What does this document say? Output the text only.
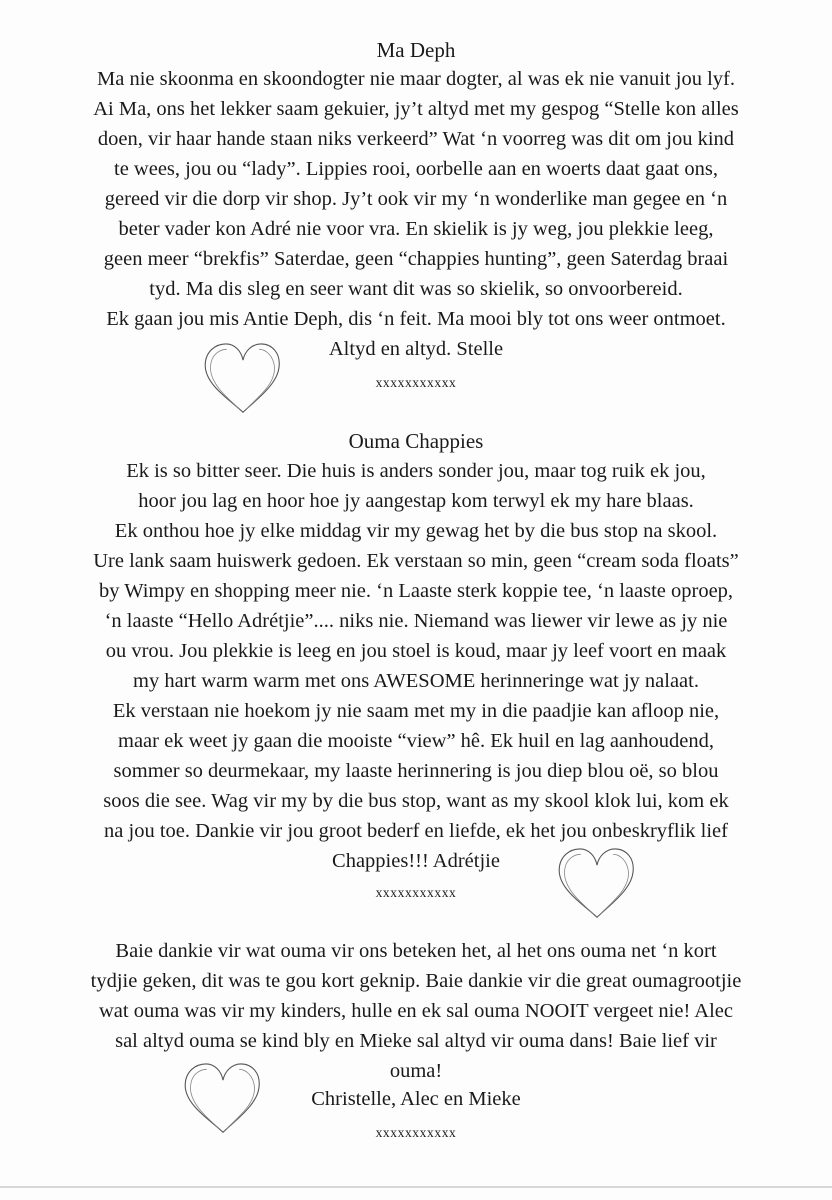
Ma Deph
Ma nie skoonma en skoondogter nie maar dogter, al was ek nie vanuit jou lyf.
Ai Ma, ons het lekker saam gekuier, jy’t altyd met my gespog “Stelle kon alles
doen, vir haar hande staan niks verkeerd” Wat ‘n voorreg was dit om jou kind
te wees, jou ou “lady”. Lippies rooi, oorbelle aan en woerts daat gaat ons,
gereed vir die dorp vir shop. Jy’t ook vir my ‘n wonderlike man gegee en ‘n
beter vader kon Adré nie voor vra. En skielik is jy weg, jou plekkie leeg,
geen meer “brekfis” Saterdae, geen “chappies hunting”, geen Saterdag braai
tyd. Ma dis sleg en seer want dit was so skielik, so onvoorbereid.
Ek gaan jou mis Antie Deph, dis ‘n feit. Ma mooi bly tot ons weer ontmoet.
Altyd en altyd. Stelle
xxxxxxxxxxx
Ouma Chappies
Ek is so bitter seer. Die huis is anders sonder jou, maar tog ruik ek jou,
hoor jou lag en hoor hoe jy aangestap kom terwyl ek my hare blaas.
Ek onthou hoe jy elke middag vir my gewag het by die bus stop na skool.
Ure lank saam huiswerk gedoen. Ek verstaan so min, geen “cream soda floats”
by Wimpy en shopping meer nie. ‘n Laaste sterk koppie tee, ‘n laaste oproep,
‘n laaste “Hello Adrétjie”.... niks nie. Niemand was liewer vir lewe as jy nie
ou vrou. Jou plekkie is leeg en jou stoel is koud, maar jy leef voort en maak
my hart warm warm met ons AWESOME herinneringe wat jy nalaat.
Ek verstaan nie hoekom jy nie saam met my in die paadjie kan afloop nie,
maar ek weet jy gaan die mooiste “view” hê. Ek huil en lag aanhoudend,
sommer so deurmekaar, my laaste herinnering is jou diep blou oë, so blou
soos die see. Wag vir my by die bus stop, want as my skool klok lui, kom ek
na jou toe. Dankie vir jou groot bederf en liefde, ek het jou onbeskryflik lief
Chappies!!! Adrétjie
xxxxxxxxxxx
Baie dankie vir wat ouma vir ons beteken het, al het ons ouma net ‘n kort
tydjie geken, dit was te gou kort geknip. Baie dankie vir die great oumagrootjie
wat ouma was vir my kinders, hulle en ek sal ouma NOOIT vergeet nie! Alec
sal altyd ouma se kind bly en Mieke sal altyd vir ouma dans! Baie lief vir
ouma!
Christelle, Alec en Mieke
xxxxxxxxxxx
